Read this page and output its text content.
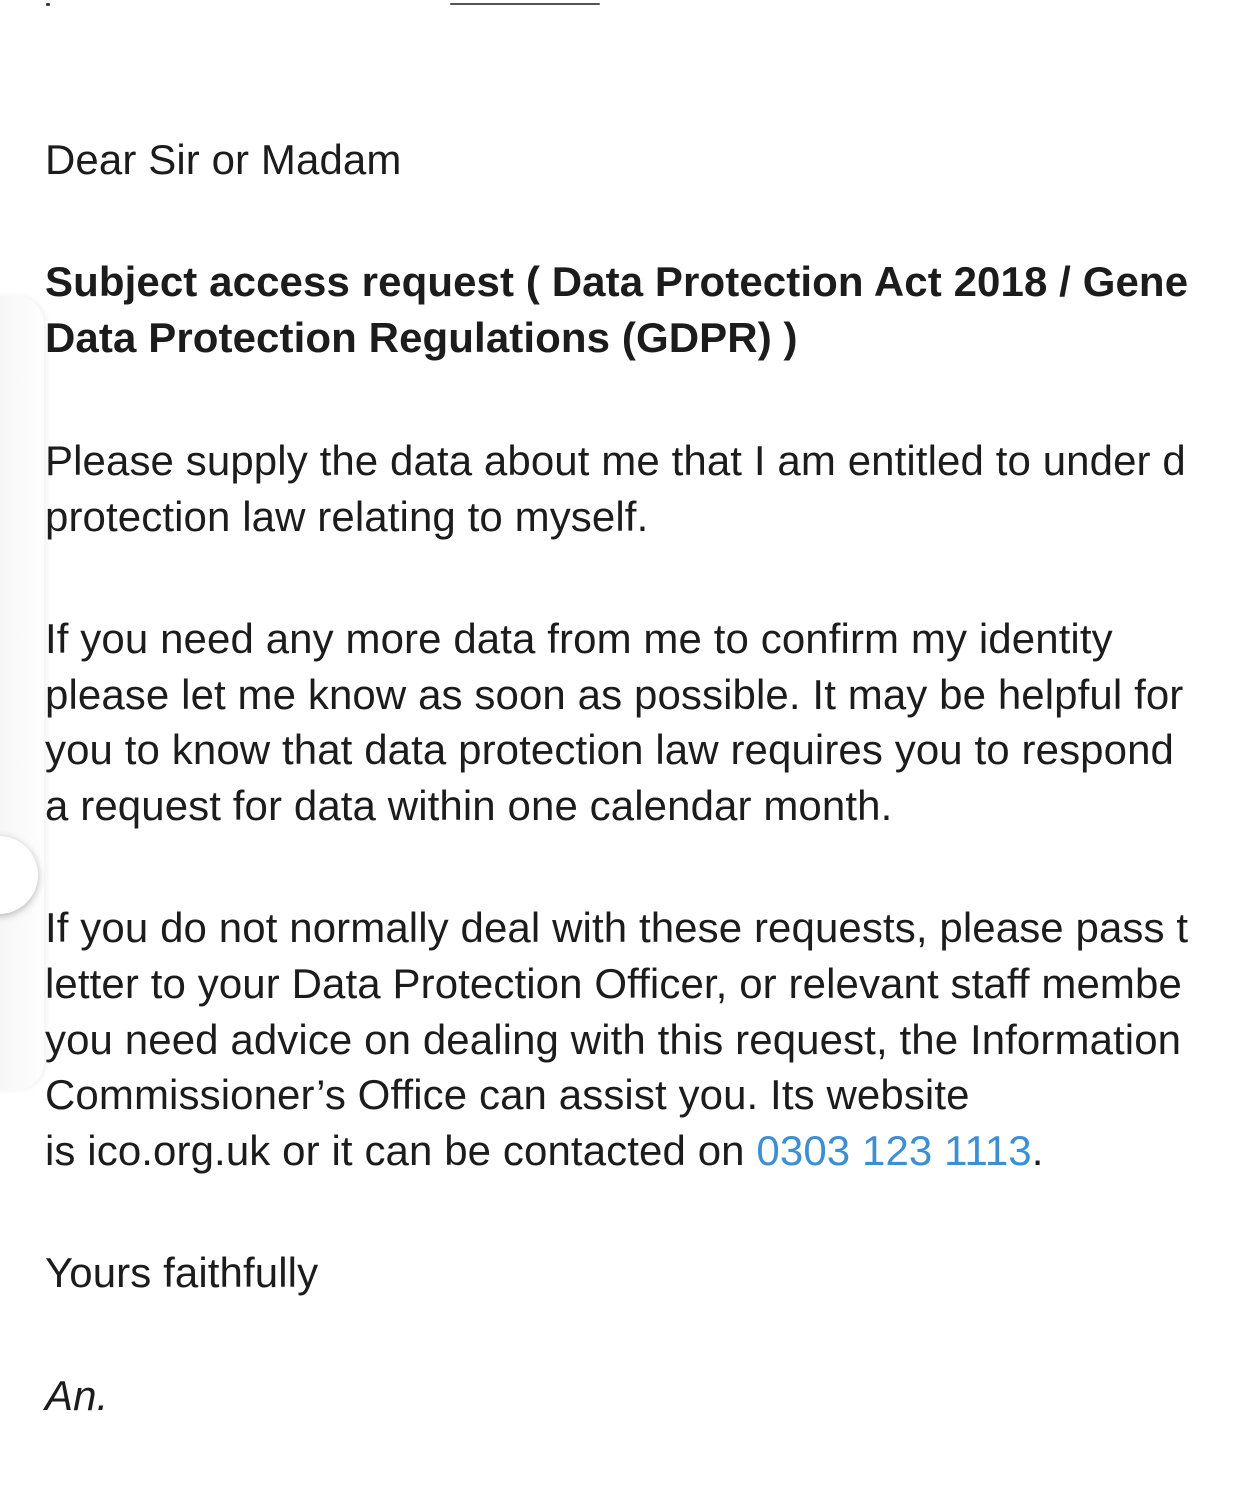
Dear Sir or Madam
Subject access request ( Data Protection Act 2018 / Gene
Data Protection Regulations (GDPR) )
Please supply the data about me that I am entitled to under d
protection law relating to myself.
If you need any more data from me to confirm my identity
please let me know as soon as possible. It may be helpful for
you to know that data protection law requires you to respond
a request for data within one calendar month.
If you do not normally deal with these requests, please pass t
letter to your Data Protection Officer, or relevant staff membe
you need advice on dealing with this request, the Information
Commissioner’s Office can assist you. Its website
is ico.org.uk or it can be contacted on 0303 123 1113.
Yours faithfully
An.
